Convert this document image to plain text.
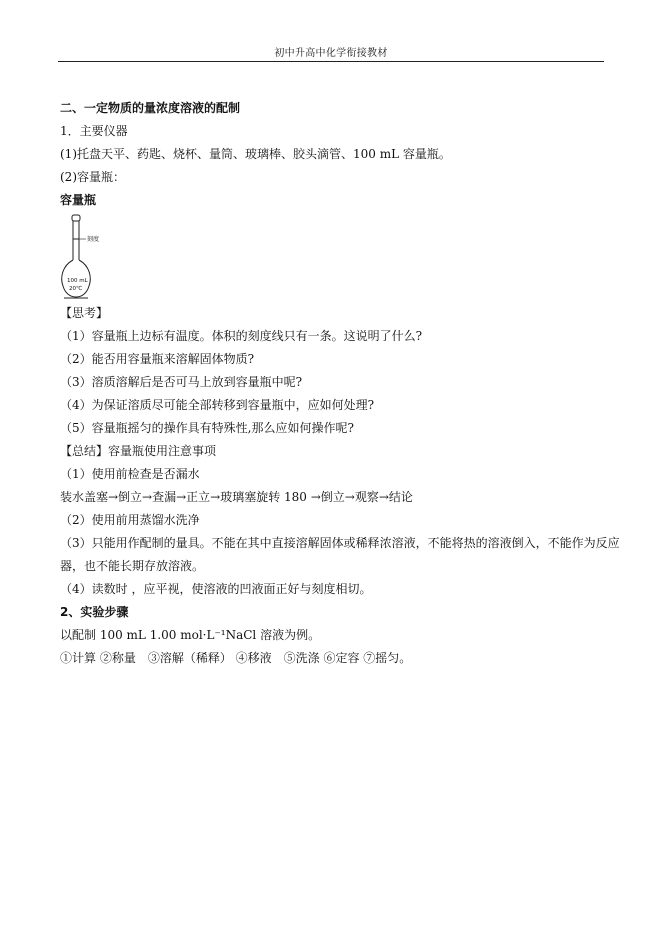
初中升高中化学衔接教材
二、一定物质的量浓度溶液的配制
1．主要仪器
(1)托盘天平、药匙、烧杯、量筒、玻璃棒、胶头滴管、100 mL 容量瓶。
(2)容量瓶：
容量瓶
刻度
100 mL
20℃
【思考】
（1）容量瓶上边标有温度。体积的刻度线只有一条。这说明了什么?
（2）能否用容量瓶来溶解固体物质?
（3）溶质溶解后是否可马上放到容量瓶中呢?
（4）为保证溶质尽可能全部转移到容量瓶中，应如何处理?
（5）容量瓶摇匀的操作具有特殊性,那么应如何操作呢?
【总结】容量瓶使用注意事项
（1）使用前检查是否漏水
装水盖塞→倒立→查漏→正立→玻璃塞旋转 180 →倒立→观察→结论
（2）使用前用蒸馏水洗净
（3）只能用作配制的量具。不能在其中直接溶解固体或稀释浓溶液，不能将热的溶液倒入，不能作为反应
器，也不能长期存放溶液。
（4）读数时 ，应平视，使溶液的凹液面正好与刻度相切。
2、实验步骤
以配制 100 mL 1.00 mol·L⁻¹NaCl 溶液为例。
①计算 ②称量　③溶解（稀释） ④移液　⑤洗涤 ⑥定容 ⑦摇匀。
